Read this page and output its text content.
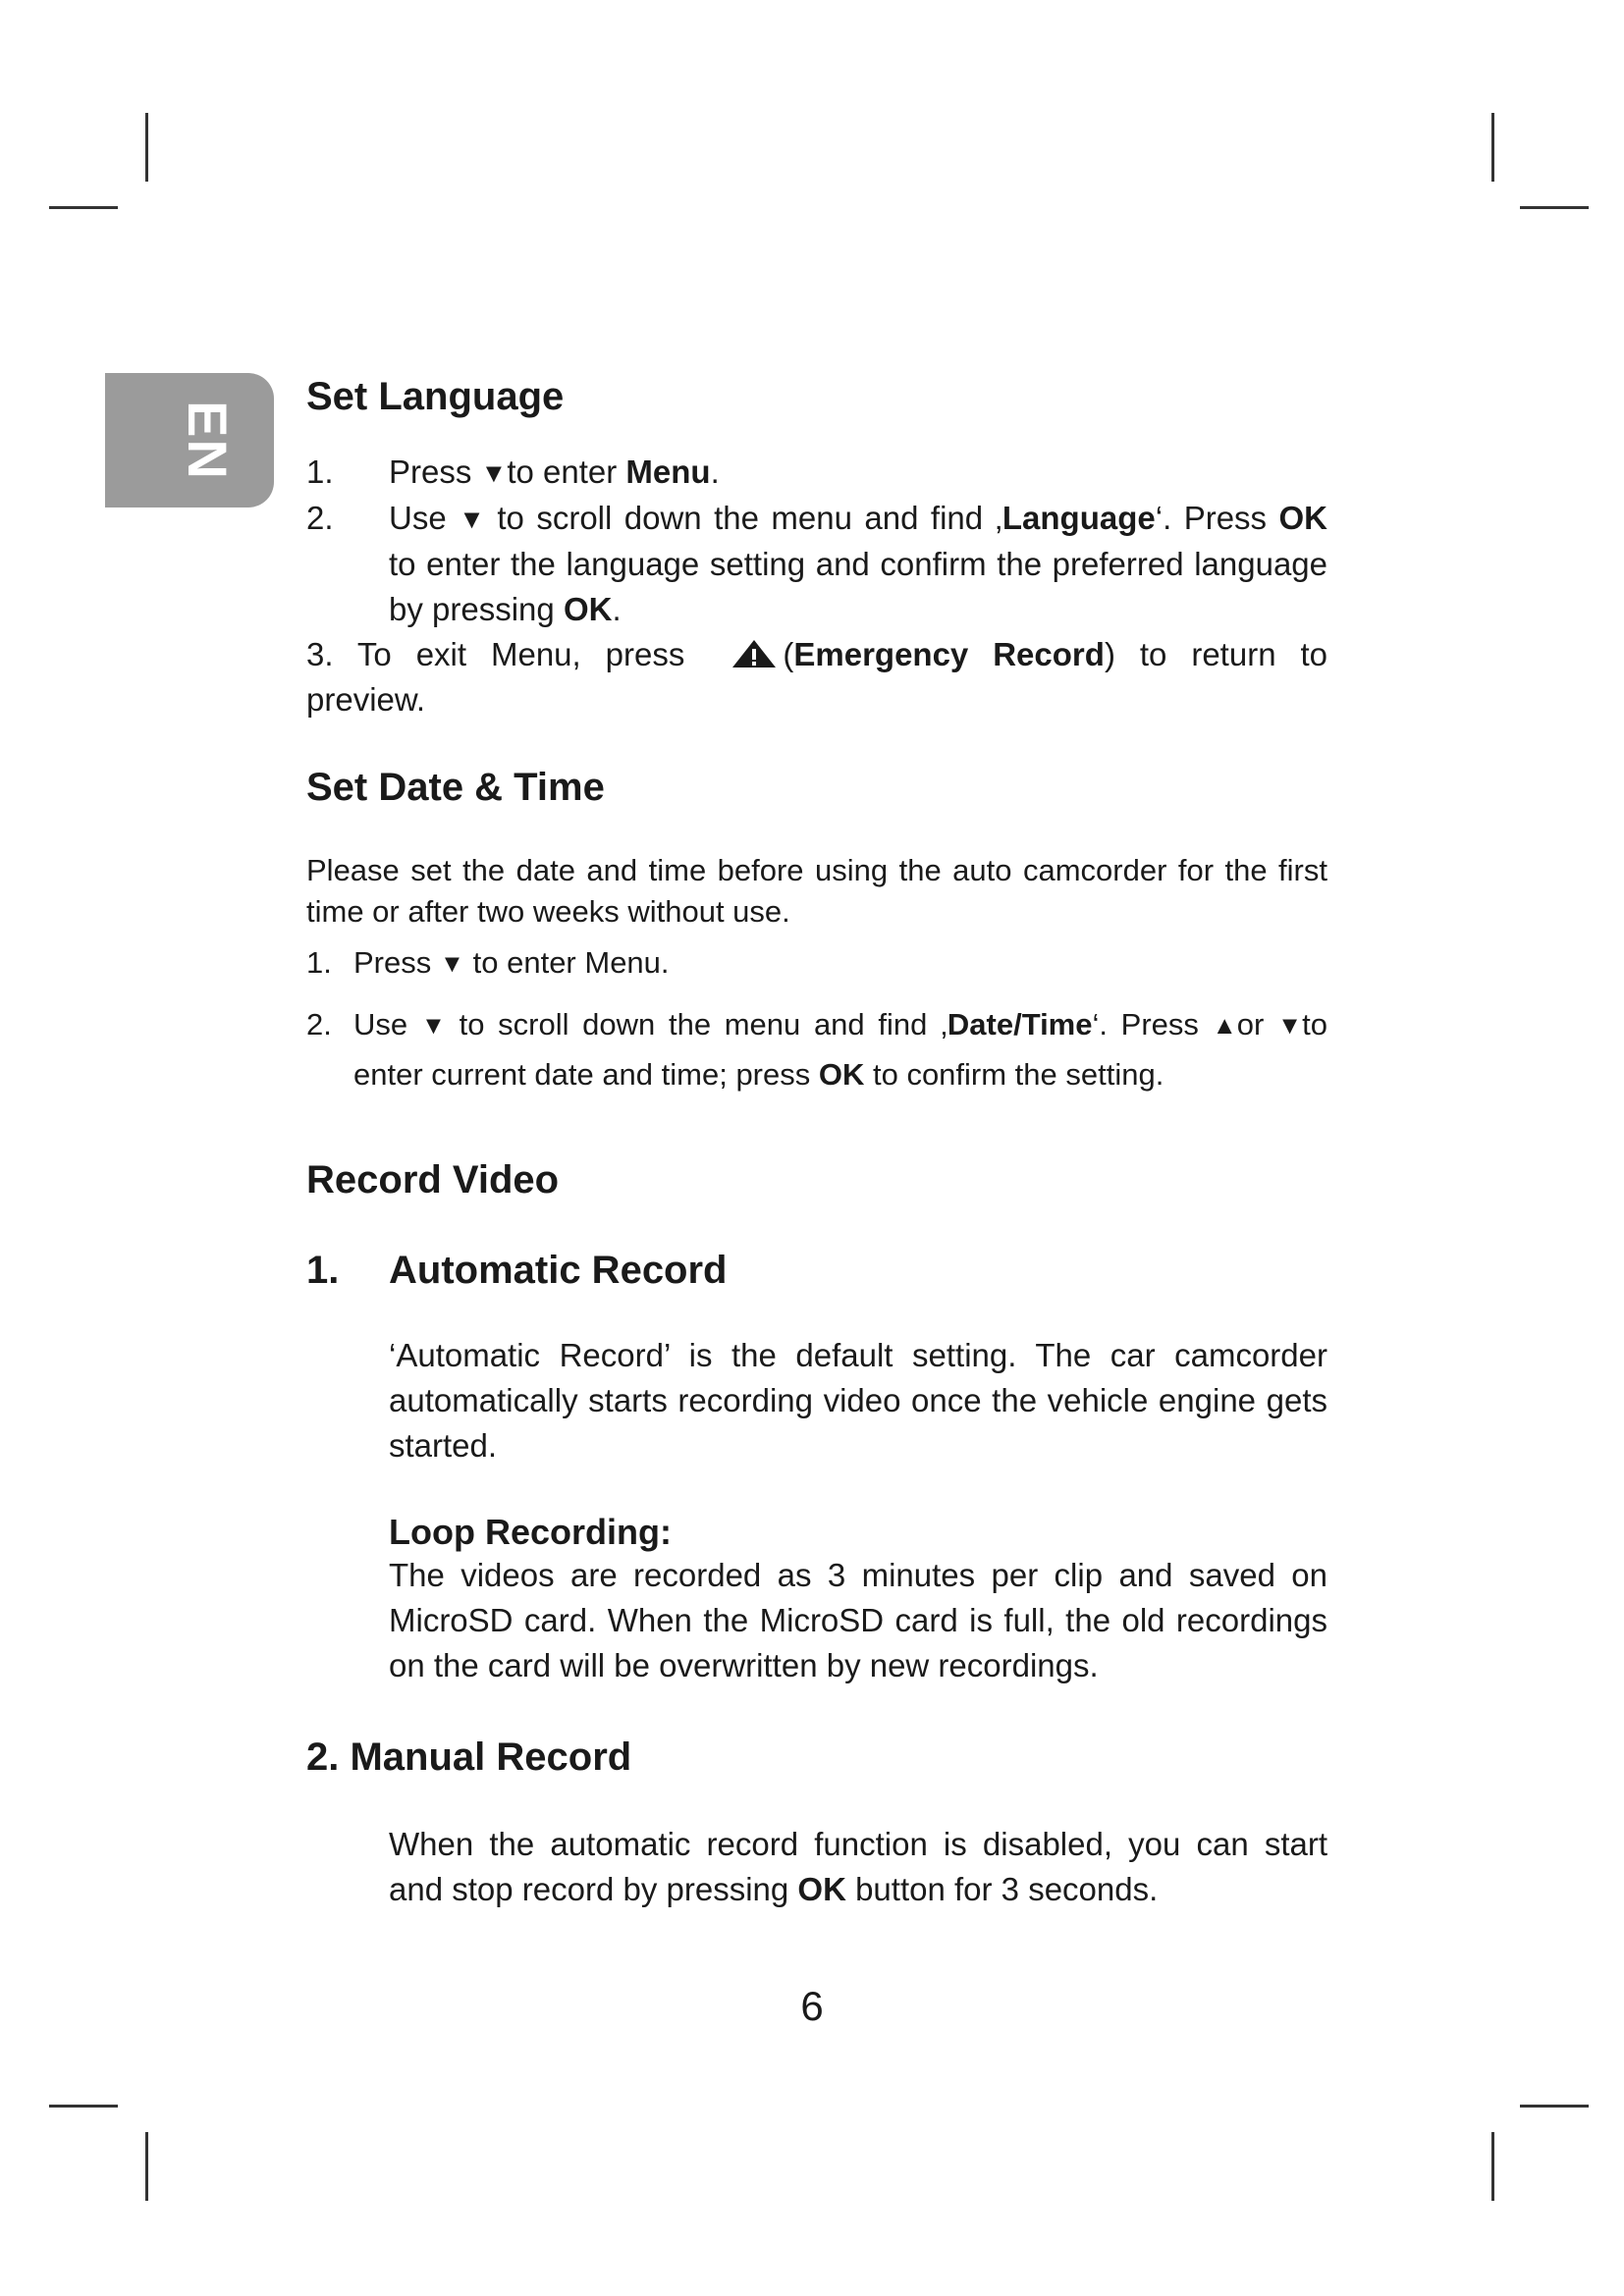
EN
Set Language
1. Press ▼to enter Menu.
2. Use ▼ to scroll down the menu and find ‚Language‘. Press OK to enter the language setting and confirm the preferred language by pressing OK.
3. To exit Menu, press	(Emergency Record) to return to preview.
Set Date & Time
Please set the date and time before using the auto camcorder for the first time or after two weeks without use.
1. Press ▼ to enter Menu.
2. Use ▼ to scroll down the menu and find ‚Date/Time‘. Press ▲or ▼to enter current date and time; press OK to confirm the setting.
Record Video
1. Automatic Record
‘Automatic Record’ is the default setting. The car camcorder automatically starts recording video once the vehicle engine gets started.
Loop Recording:
The videos are recorded as 3 minutes per clip and saved on MicroSD card. When the MicroSD card is full, the old recordings on the card will be overwritten by new recordings.
2. Manual Record
When the automatic record function is disabled, you can start and stop record by pressing OK button for 3 seconds.
6
